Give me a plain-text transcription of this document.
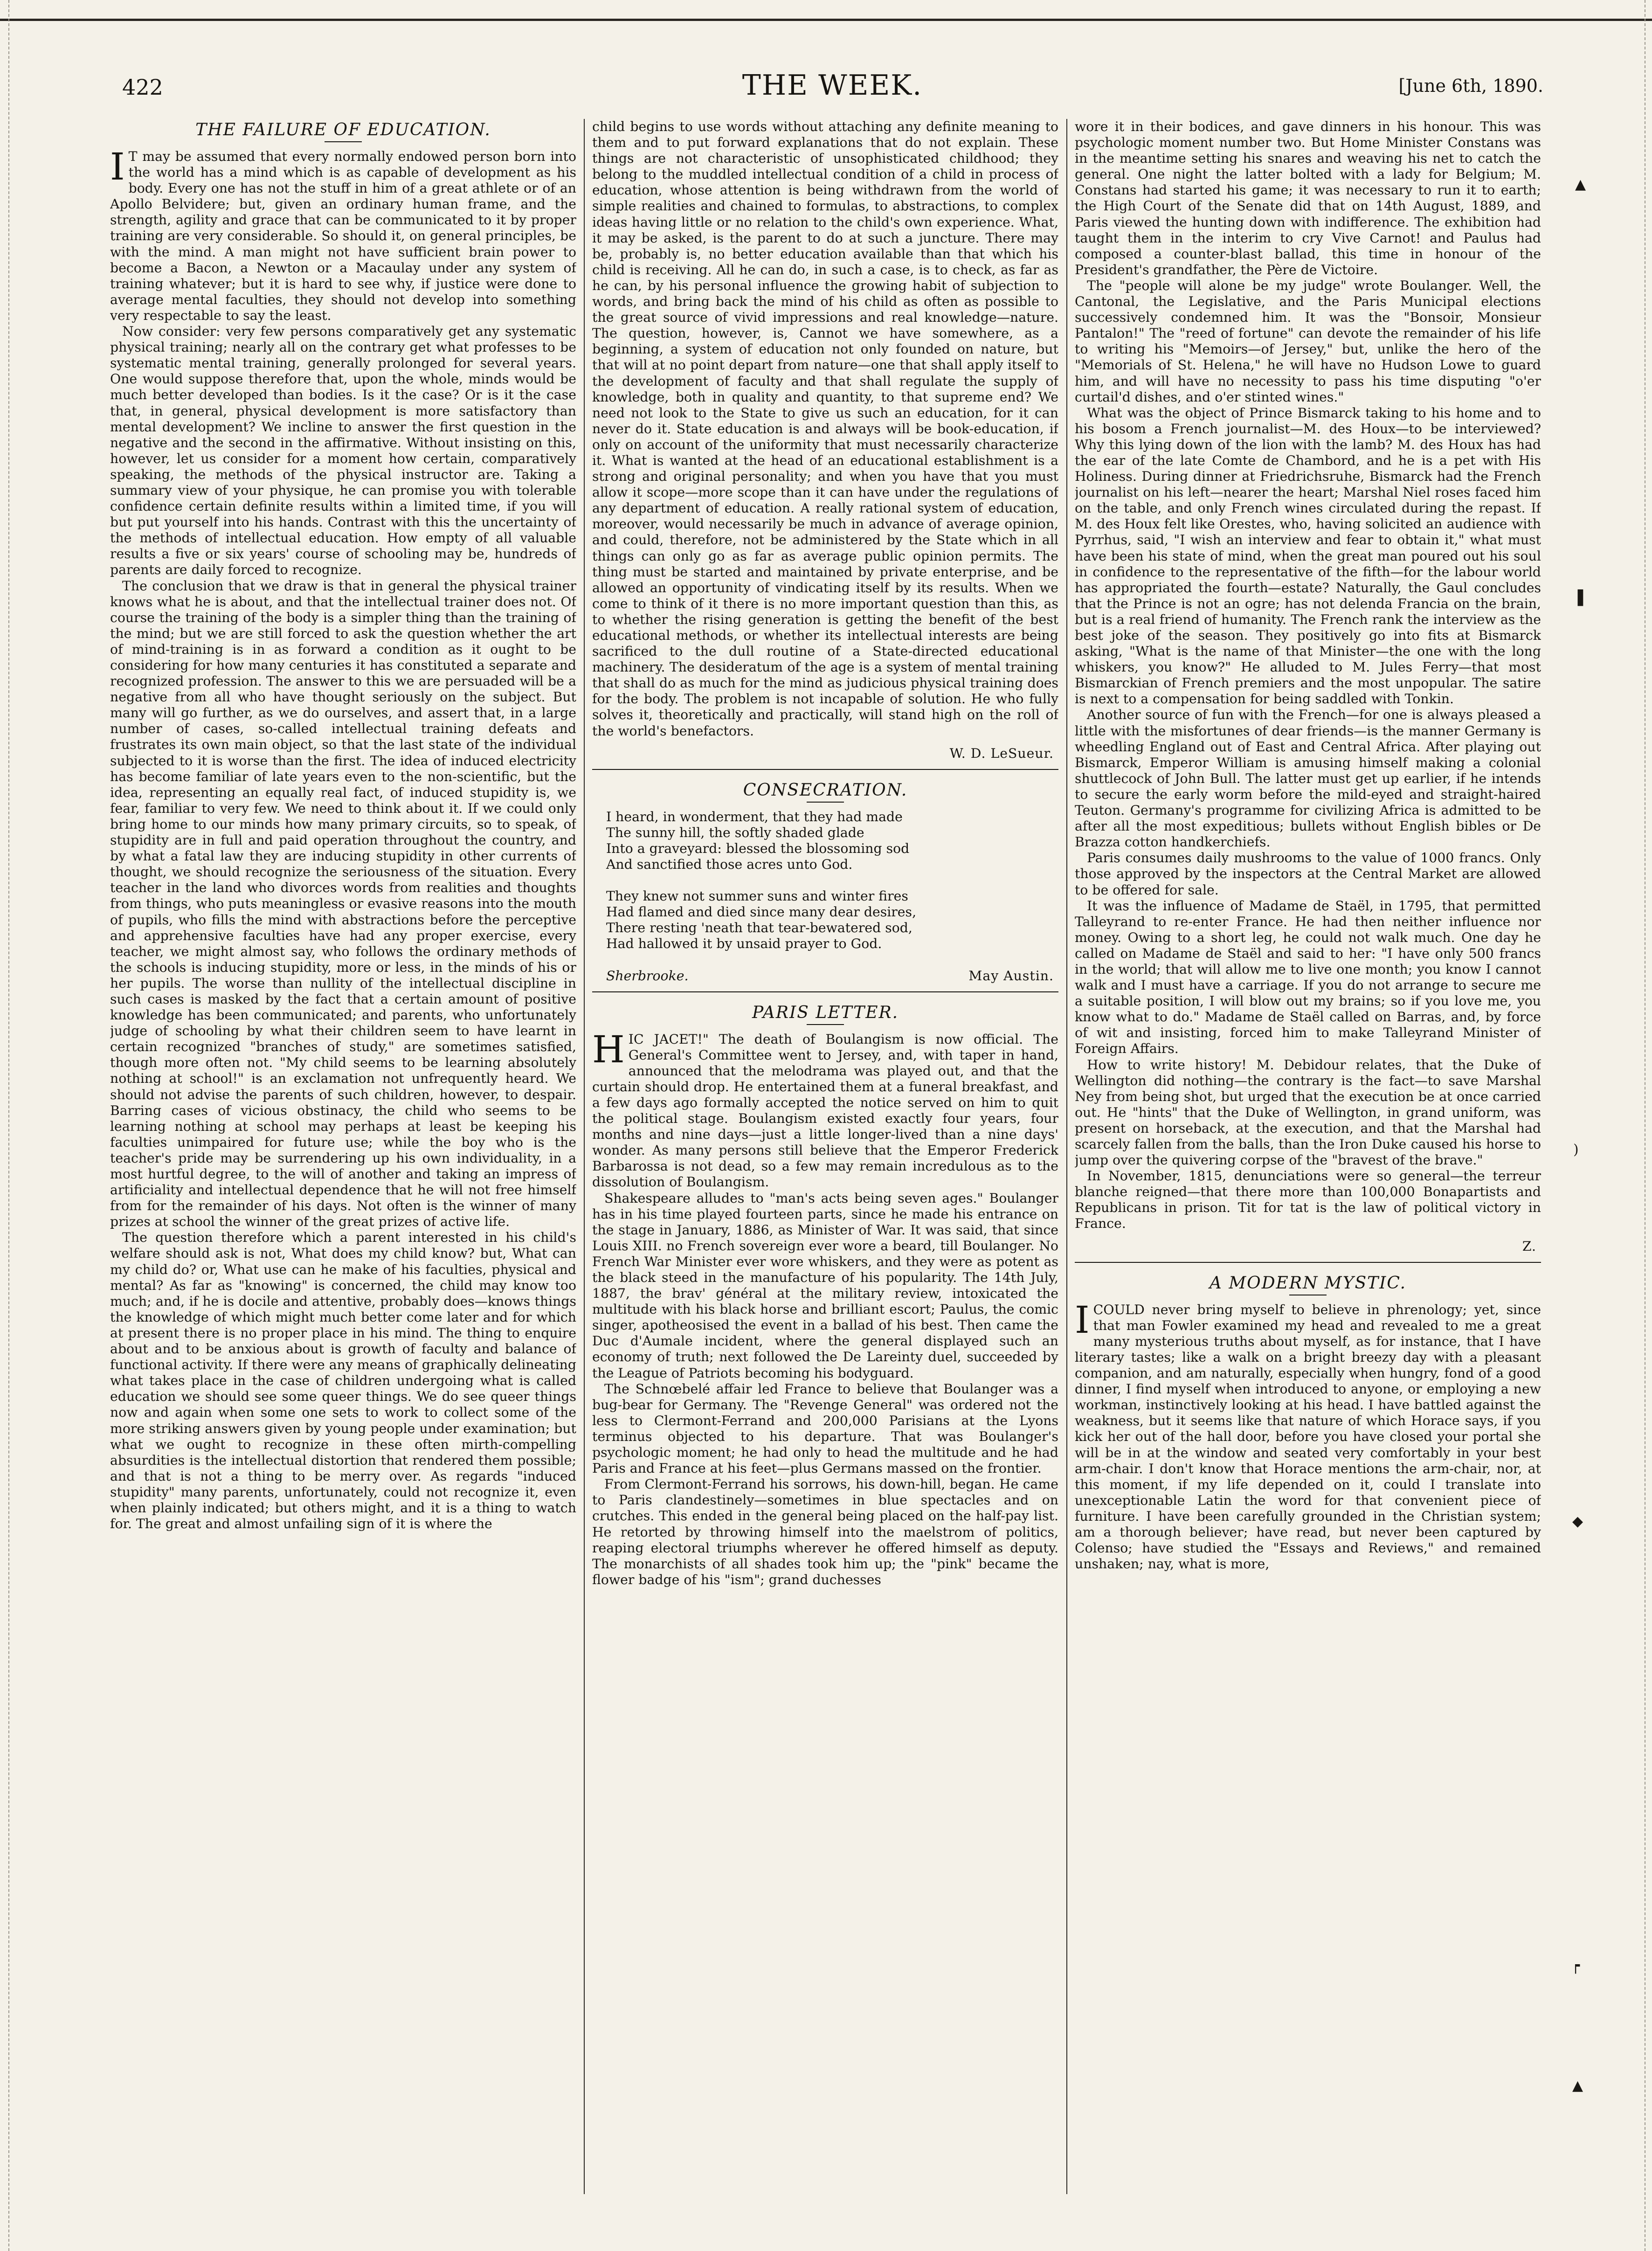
422	THE WEEK.	[June 6th, 1890.
THE FAILURE OF EDUCATION.

I T may be assumed that every normally endowed person born into the world has a mind which is as capable of development as his body. Every one has not the stuff in him of a great athlete or of an Apollo Belvidere; but, given an ordinary human frame, and the strength, agility and grace that can be communicated to it by proper training are very considerable. So should it, on general principles, be with the mind. A man might not have sufficient brain power to become a Bacon, a Newton or a Macaulay under any system of training whatever; but it is hard to see why, if justice were done to average mental faculties, they should not develop into something very respectable to say the least.

Now consider: very few persons comparatively get any systematic physical training; nearly all on the contrary get what professes to be systematic mental training, generally prolonged for several years. One would suppose therefore that, upon the whole, minds would be much better developed than bodies. Is it the case? Or is it the case that, in general, physical development is more satisfactory than mental development? We incline to answer the first question in the negative and the second in the affirmative. Without insisting on this, however, let us consider for a moment how certain, comparatively speaking, the methods of the physical instructor are. Taking a summary view of your physique, he can promise you with tolerable confidence certain definite results within a limited time, if you will but put yourself into his hands. Contrast with this the uncertainty of the methods of intellectual education. How empty of all valuable results a five or six years' course of schooling may be, hundreds of parents are daily forced to recognize.

The conclusion that we draw is that in general the physical trainer knows what he is about, and that the intellectual trainer does not. Of course the training of the body is a simpler thing than the training of the mind; but we are still forced to ask the question whether the art of mind-training is in as forward a condition as it ought to be considering for how many centuries it has constituted a separate and recognized profession. The answer to this we are persuaded will be a negative from all who have thought seriously on the subject. But many will go further, as we do ourselves, and assert that, in a large number of cases, so-called intellectual training defeats and frustrates its own main object, so that the last state of the individual subjected to it is worse than the first. The idea of induced electricity has become familiar of late years even to the non-scientific, but the idea, representing an equally real fact, of induced stupidity is, we fear, familiar to very few. We need to think about it. If we could only bring home to our minds how many primary circuits, so to speak, of stupidity are in full and paid operation throughout the country, and by what a fatal law they are inducing stupidity in other currents of thought, we should recognize the seriousness of the situation. Every teacher in the land who divorces words from realities and thoughts from things, who puts meaningless or evasive reasons into the mouth of pupils, who fills the mind with abstractions before the perceptive and apprehensive faculties have had any proper exercise, every teacher, we might almost say, who follows the ordinary methods of the schools is inducing stupidity, more or less, in the minds of his or her pupils. The worse than nullity of the intellectual discipline in such cases is masked by the fact that a certain amount of positive knowledge has been communicated; and parents, who unfortunately judge of schooling by what their children seem to have learnt in certain recognized "branches of study," are sometimes satisfied, though more often not. "My child seems to be learning absolutely nothing at school!" is an exclamation not unfrequently heard. We should not advise the parents of such children, however, to despair. Barring cases of vicious obstinacy, the child who seems to be learning nothing at school may perhaps at least be keeping his faculties unimpaired for future use; while the boy who is the teacher's pride may be surrendering up his own individuality, in a most hurtful degree, to the will of another and taking an impress of artificiality and intellectual dependence that he will not free himself from for the remainder of his days. Not often is the winner of many prizes at school the winner of the great prizes of active life.

The question therefore which a parent interested in his child's welfare should ask is not, What does my child know? but, What can my child do? or, What use can he make of his faculties, physical and mental? As far as "knowing" is concerned, the child may know too much; and, if he is docile and attentive, probably does—knows things the knowledge of which might much better come later and for which at present there is no proper place in his mind. The thing to enquire about and to be anxious about is growth of faculty and balance of functional activity. If there were any means of graphically delineating what takes place in the case of children undergoing what is called education we should see some queer things. We do see queer things now and again when some one sets to work to collect some of the more striking answers given by young people under examination; but what we ought to recognize in these often mirth-compelling absurdities is the intellectual distortion that rendered them possible; and that is not a thing to be merry over. As regards "induced stupidity" many parents, unfortunately, could not recognize it, even when plainly indicated; but others might, and it is a thing to watch for. The great and almost unfailing sign of it is where the

child begins to use words without attaching any definite meaning to them and to put forward explanations that do not explain. These things are not characteristic of unsophisticated childhood; they belong to the muddled intellectual condition of a child in process of education, whose attention is being withdrawn from the world of simple realities and chained to formulas, to abstractions, to complex ideas having little or no relation to the child's own experience. What, it may be asked, is the parent to do at such a juncture. There may be, probably is, no better education available than that which his child is receiving. All he can do, in such a case, is to check, as far as he can, by his personal influence the growing habit of subjection to words, and bring back the mind of his child as often as possible to the great source of vivid impressions and real knowledge—nature. The question, however, is, Cannot we have somewhere, as a beginning, a system of education not only founded on nature, but that will at no point depart from nature—one that shall apply itself to the development of faculty and that shall regulate the supply of knowledge, both in quality and quantity, to that supreme end? We need not look to the State to give us such an education, for it can never do it. State education is and always will be book-education, if only on account of the uniformity that must necessarily characterize it. What is wanted at the head of an educational establishment is a strong and original personality; and when you have that you must allow it scope—more scope than it can have under the regulations of any department of education. A really rational system of education, moreover, would necessarily be much in advance of average opinion, and could, therefore, not be administered by the State which in all things can only go as far as average public opinion permits. The thing must be started and maintained by private enterprise, and be allowed an opportunity of vindicating itself by its results. When we come to think of it there is no more important question than this, as to whether the rising generation is getting the benefit of the best educational methods, or whether its intellectual interests are being sacrificed to the dull routine of a State-directed educational machinery. The desideratum of the age is a system of mental training that shall do as much for the mind as judicious physical training does for the body. The problem is not incapable of solution. He who fully solves it, theoretically and practically, will stand high on the roll of the world's benefactors.

W. D. LeSueur.
CONSECRATION.
I heard, in wonderment, that they had made
The sunny hill, the softly shaded glade
Into a graveyard: blessed the blossoming sod
And sanctified those acres unto God.
They knew not summer suns and winter fires
Had flamed and died since many dear desires,
There resting 'neath that tear-bewatered sod,
Had hallowed it by unsaid prayer to God.
Sherbrooke.	May Austin.
PARIS LETTER.

HIC JACET!" The death of Boulangism is now official. The General's Committee went to Jersey, and, with taper in hand, announced that the melodrama was played out, and that the curtain should drop. He entertained them at a funeral breakfast, and a few days ago formally accepted the notice served on him to quit the political stage. Boulangism existed exactly four years, four months and nine days—just a little longer-lived than a nine days' wonder. As many persons still believe that the Emperor Frederick Barbarossa is not dead, so a few may remain incredulous as to the dissolution of Boulangism.

Shakespeare alludes to "man's acts being seven ages." Boulanger has in his time played fourteen parts, since he made his entrance on the stage in January, 1886, as Minister of War. It was said, that since Louis XIII. no French sovereign ever wore a beard, till Boulanger. No French War Minister ever wore whiskers, and they were as potent as the black steed in the manufacture of his popularity. The 14th July, 1887, the brav' général at the military review, intoxicated the multitude with his black horse and brilliant escort; Paulus, the comic singer, apotheosised the event in a ballad of his best. Then came the Duc d'Aumale incident, where the general displayed such an economy of truth; next followed the De Lareinty duel, succeeded by the League of Patriots becoming his bodyguard.

The Schnœbelé affair led France to believe that Boulanger was a bug-bear for Germany. The "Revenge General" was ordered not the less to Clermont-Ferrand and 200,000 Parisians at the Lyons terminus objected to his departure. That was Boulanger's psychologic moment; he had only to head the multitude and he had Paris and France at his feet—plus Germans massed on the frontier.

From Clermont-Ferrand his sorrows, his down-hill, began. He came to Paris clandestinely—sometimes in blue spectacles and on crutches. This ended in the general being placed on the half-pay list. He retorted by throwing himself into the maelstrom of politics, reaping electoral triumphs wherever he offered himself as deputy. The monarchists of all shades took him up; the "pink" became the flower badge of his "ism"; grand duchesses

wore it in their bodices, and gave dinners in his honour. This was psychologic moment number two. But Home Minister Constans was in the meantime setting his snares and weaving his net to catch the general. One night the latter bolted with a lady for Belgium; M. Constans had started his game; it was necessary to run it to earth; the High Court of the Senate did that on 14th August, 1889, and Paris viewed the hunting down with indifference. The exhibition had taught them in the interim to cry Vive Carnot! and Paulus had composed a counter-blast ballad, this time in honour of the President's grandfather, the Père de Victoire.

The "people will alone be my judge" wrote Boulanger. Well, the Cantonal, the Legislative, and the Paris Municipal elections successively condemned him. It was the "Bonsoir, Monsieur Pantalon!" The "reed of fortune" can devote the remainder of his life to writing his "Memoirs—of Jersey," but, unlike the hero of the "Memorials of St. Helena," he will have no Hudson Lowe to guard him, and will have no necessity to pass his time disputing "o'er curtail'd dishes, and o'er stinted wines."

What was the object of Prince Bismarck taking to his home and to his bosom a French journalist—M. des Houx—to be interviewed? Why this lying down of the lion with the lamb? M. des Houx has had the ear of the late Comte de Chambord, and he is a pet with His Holiness. During dinner at Friedrichsruhe, Bismarck had the French journalist on his left—nearer the heart; Marshal Niel roses faced him on the table, and only French wines circulated during the repast. If M. des Houx felt like Orestes, who, having solicited an audience with Pyrrhus, said, "I wish an interview and fear to obtain it," what must have been his state of mind, when the great man poured out his soul in confidence to the representative of the fifth—for the labour world has appropriated the fourth—estate? Naturally, the Gaul concludes that the Prince is not an ogre; has not delenda Francia on the brain, but is a real friend of humanity. The French rank the interview as the best joke of the season. They positively go into fits at Bismarck asking, "What is the name of that Minister—the one with the long whiskers, you know?" He alluded to M. Jules Ferry—that most Bismarckian of French premiers and the most unpopular. The satire is next to a compensation for being saddled with Tonkin.

Another source of fun with the French—for one is always pleased a little with the misfortunes of dear friends—is the manner Germany is wheedling England out of East and Central Africa. After playing out Bismarck, Emperor William is amusing himself making a colonial shuttlecock of John Bull. The latter must get up earlier, if he intends to secure the early worm before the mild-eyed and straight-haired Teuton. Germany's programme for civilizing Africa is admitted to be after all the most expeditious; bullets without English bibles or De Brazza cotton handkerchiefs.

Paris consumes daily mushrooms to the value of 1000 francs. Only those approved by the inspectors at the Central Market are allowed to be offered for sale.

It was the influence of Madame de Staël, in 1795, that permitted Talleyrand to re-enter France. He had then neither influence nor money. Owing to a short leg, he could not walk much. One day he called on Madame de Staël and said to her: "I have only 500 francs in the world; that will allow me to live one month; you know I cannot walk and I must have a carriage. If you do not arrange to secure me a suitable position, I will blow out my brains; so if you love me, you know what to do." Madame de Staël called on Barras, and, by force of wit and insisting, forced him to make Talleyrand Minister of Foreign Affairs.

How to write history! M. Debidour relates, that the Duke of Wellington did nothing—the contrary is the fact—to save Marshal Ney from being shot, but urged that the execution be at once carried out. He "hints" that the Duke of Wellington, in grand uniform, was present on horseback, at the execution, and that the Marshal had scarcely fallen from the balls, than the Iron Duke caused his horse to jump over the quivering corpse of the "bravest of the brave."

In November, 1815, denunciations were so general—the terreur blanche reigned—that there more than 100,000 Bonapartists and Republicans in prison. Tit for tat is the law of political victory in France.

Z.
A MODERN MYSTIC.

I COULD never bring myself to believe in phrenology; yet, since that man Fowler examined my head and revealed to me a great many mysterious truths about myself, as for instance, that I have literary tastes; like a walk on a bright breezy day with a pleasant companion, and am naturally, especially when hungry, fond of a good dinner, I find myself when introduced to anyone, or employing a new workman, instinctively looking at his head. I have battled against the weakness, but it seems like that nature of which Horace says, if you kick her out of the hall door, before you have closed your portal she will be in at the window and seated very comfortably in your best arm-chair. I don't know that Horace mentions the arm-chair, nor, at this moment, if my life depended on it, could I translate into unexceptionable Latin the word for that convenient piece of furniture. I have been carefully grounded in the Christian system; am a thorough believer; have read, but never been captured by Colenso; have studied the "Essays and Reviews," and remained unshaken; nay, what is more,

▲
▐
)
◆
┍
▲
